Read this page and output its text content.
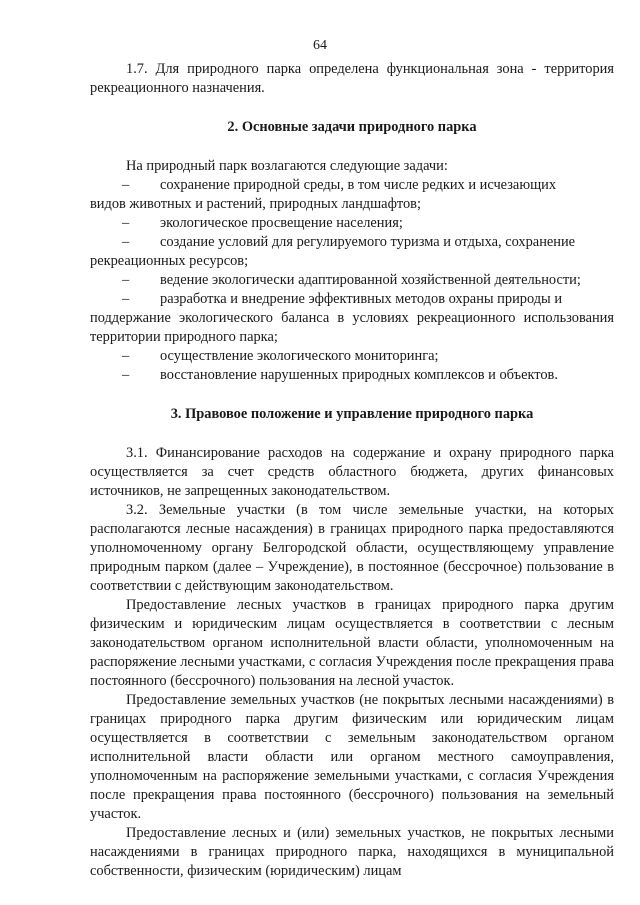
64

1.7. Для природного парка определена функциональная зона - территория рекреационного назначения.

2. Основные задачи природного парка

На природный парк возлагаются следующие задачи:

–	сохранение природной среды, в том числе редких и исчезающих

видов животных и растений, природных ландшафтов;

–	экологическое просвещение населения;
–	создание условий для регулируемого туризма и отдыха, сохранение

рекреационных ресурсов;

–	ведение экологически адаптированной хозяйственной деятельности;
–	разработка и внедрение эффективных методов охраны природы и

поддержание экологического баланса в условиях рекреационного использования территории природного парка;

–	осуществление экологического мониторинга;
–	восстановление нарушенных природных комплексов и объектов.

3. Правовое положение и управление природного парка

3.1. Финансирование расходов на содержание и охрану природного парка осуществляется за счет средств областного бюджета, других финансовых источников, не запрещенных законодательством.

3.2. Земельные участки (в том числе земельные участки, на которых располагаются лесные насаждения) в границах природного парка предоставляются уполномоченному органу Белгородской области, осуществляющему управление природным парком (далее – Учреждение), в постоянное (бессрочное) пользование в соответствии с действующим законодательством.

Предоставление лесных участков в границах природного парка другим физическим и юридическим лицам осуществляется в соответствии с лесным законодательством органом исполнительной власти области, уполномоченным на распоряжение лесными участками, с согласия Учреждения после прекращения права постоянного (бессрочного) пользования на лесной участок.

Предоставление земельных участков (не покрытых лесными насаждениями) в границах природного парка другим физическим или юридическим лицам осуществляется в соответствии с земельным законодательством органом исполнительной власти области или органом местного самоуправления, уполномоченным на распоряжение земельными участками, с согласия Учреждения после прекращения права постоянного (бессрочного) пользования на земельный участок.

Предоставление лесных и (или) земельных участков, не покрытых лесными насаждениями в границах природного парка, находящихся в муниципальной собственности, физическим (юридическим) лицам
